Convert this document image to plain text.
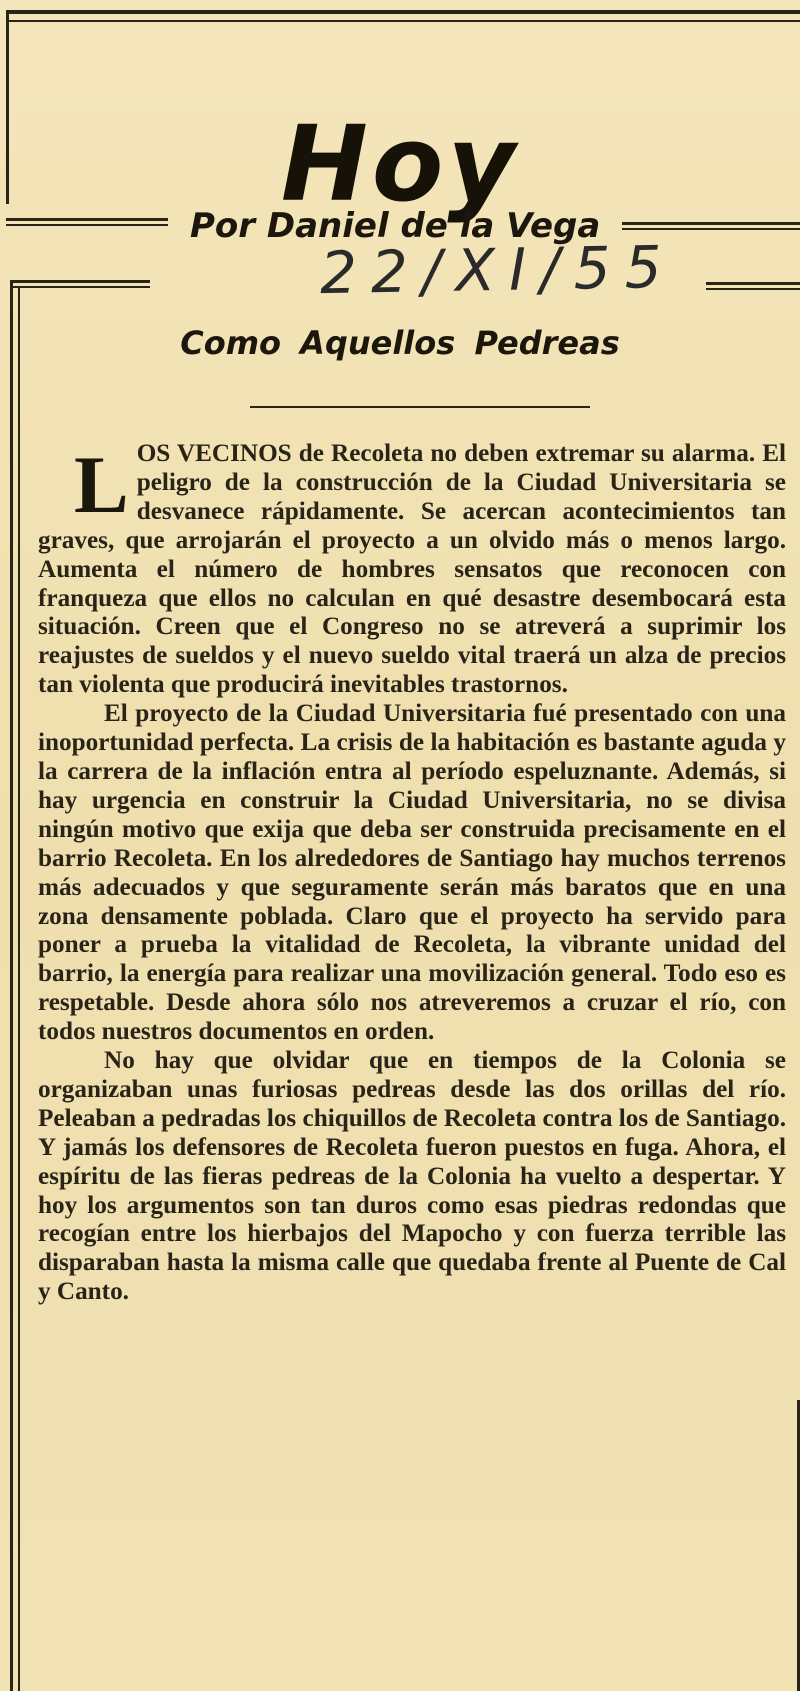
Hoy
Por Daniel de la Vega
22/XI/55
Como Aquellos Pedreas

LOS VECINOS de Recoleta no deben extremar su alarma. El peligro de la construcción de la Ciudad Universitaria se desvanece rápidamente. Se acercan acontecimientos tan graves, que arrojarán el proyecto a un olvido más o menos largo. Aumenta el número de hombres sensatos que reconocen con franqueza que ellos no calculan en qué desastre desembocará esta situación. Creen que el Congreso no se atreverá a suprimir los reajustes de sueldos y el nuevo sueldo vital traerá un alza de precios tan violenta que producirá inevitables trastornos.

El proyecto de la Ciudad Universitaria fué presentado con una inoportunidad perfecta. La crisis de la habitación es bastante aguda y la carrera de la inflación entra al período espeluznante. Además, si hay urgencia en construir la Ciudad Universitaria, no se divisa ningún motivo que exija que deba ser construida precisamente en el barrio Recoleta. En los alrededores de Santiago hay muchos terrenos más adecuados y que seguramente serán más baratos que en una zona densamente poblada. Claro que el proyecto ha servido para poner a prueba la vitalidad de Recoleta, la vibrante unidad del barrio, la energía para realizar una movilización general. Todo eso es respetable. Desde ahora sólo nos atreveremos a cruzar el río, con todos nuestros documentos en orden.

No hay que olvidar que en tiempos de la Colonia se organizaban unas furiosas pedreas desde las dos orillas del río. Peleaban a pedradas los chiquillos de Recoleta contra los de Santiago. Y jamás los defensores de Recoleta fueron puestos en fuga. Ahora, el espíritu de las fieras pedreas de la Colonia ha vuelto a despertar. Y hoy los argumentos son tan duros como esas piedras redondas que recogían entre los hierbajos del Mapocho y con fuerza terrible las disparaban hasta la misma calle que quedaba frente al Puente de Cal y Canto.
